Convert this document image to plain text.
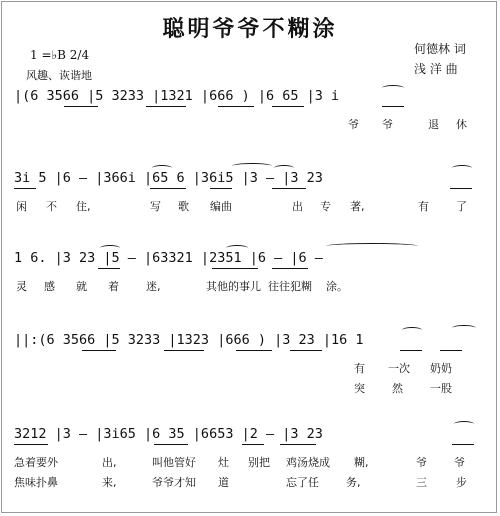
聪明爷爷不糊涂
1 =♭B 2/4
风趣、诙谐地
何德林 词
浅 洋 曲
|(6 3566 |5 3233 |1321 |666 ) |6 65 |3 i
爷 爷	退 休
3i 5 |6 – |366i |65 6 |36i5 |3 – |3 23
闲 不 住,	写 歌 编曲	出 专 著,	有 了
1 6. |3 23 |5 – |63321 |2351 |6 – |6 –
灵 感 就 着 迷,	其他的事儿 往往犯糊 涂。
||:(6 3566 |5 3233 |1323 |666 ) |3 23 |16 1
有 一次 奶奶
突 然 一股
3212 |3 – |3i65 |6 35 |6653 |2 – |3 23
急着要外	出,	叫他管好 灶 别把 鸡汤烧成 糊,	爷 爷
焦味扑鼻	来,	爷爷才知 道	忘了任 务,	三	步
